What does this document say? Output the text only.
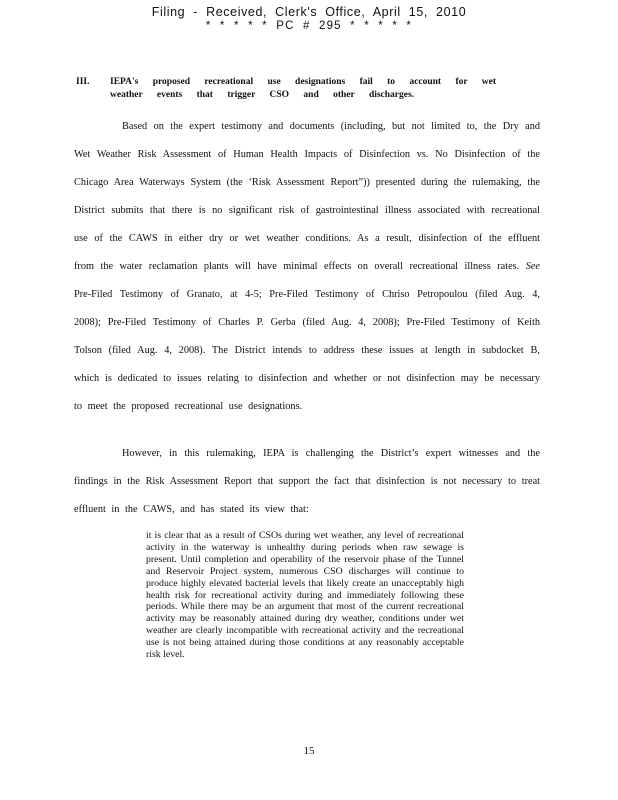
Filing - Received, Clerk's Office, April 15, 2010
* * * * * PC # 295 * * * * *
III. IEPA's proposed recreational use designations fail to account for wet weather events that trigger CSO and other discharges.

Based on the expert testimony and documents (including, but not limited to, the Dry and Wet Weather Risk Assessment of Human Health Impacts of Disinfection vs. No Disinfection of the Chicago Area Waterways System (the ‘Risk Assessment Report”)) presented during the rulemaking, the District submits that there is no significant risk of gastrointestinal illness associated with recreational use of the CAWS in either dry or wet weather conditions. As a result, disinfection of the effluent from the water reclamation plants will have minimal effects on overall recreational illness rates. See Pre-Filed Testimony of Granato, at 4-5; Pre-Filed Testimony of Chriso Petropoulou (filed Aug. 4, 2008); Pre-Filed Testimony of Charles P. Gerba (filed Aug. 4, 2008); Pre-Filed Testimony of Keith Tolson (filed Aug. 4, 2008). The District intends to address these issues at length in subdocket B, which is dedicated to issues relating to disinfection and whether or not disinfection may be necessary to meet the proposed recreational use designations.

However, in this rulemaking, IEPA is challenging the District’s expert witnesses and the findings in the Risk Assessment Report that support the fact that disinfection is not necessary to treat effluent in the CAWS, and has stated its view that:

it is clear that as a result of CSOs during wet weather, any level of recreational activity in the waterway is unhealthy during periods when raw sewage is present. Until completion and operability of the reservoir phase of the Tunnel and Reservoir Project system, numerous CSO discharges will continue to produce highly elevated bacterial levels that likely create an unacceptably high health risk for recreational activity during and immediately following these periods. While there may be an argument that most of the current recreational activity may be reasonably attained during dry weather, conditions under wet weather are clearly incompatible with recreational activity and the recreational use is not being attained during those conditions at any reasonably acceptable risk level.

15
